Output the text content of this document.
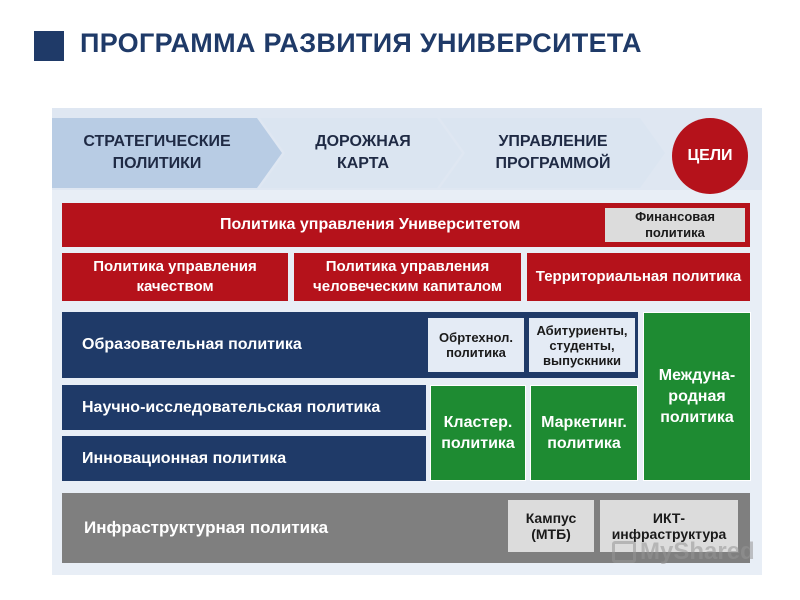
ПРОГРАММА РАЗВИТИЯ УНИВЕРСИТЕТА
СТРАТЕГИЧЕСКИЕ ПОЛИТИКИ
ДОРОЖНАЯ КАРТА
УПРАВЛЕНИЕ ПРОГРАММОЙ	ЦЕЛИ
Политика управления Университетом	Финансовая политика
Политика управления качеством
Политика управления человеческим капиталом
Территориальная политика
Образовательная политика
Научно-исследовательская политика
Инновационная политика
Обртехнол. политика
Абитуриенты, студенты, выпускники
Кластер. политика
Маркетинг. политика
Междуна- родная политика
Инфраструктурная политика	Кампус (МТБ)
ИКТ- инфраструктура
MyShared
